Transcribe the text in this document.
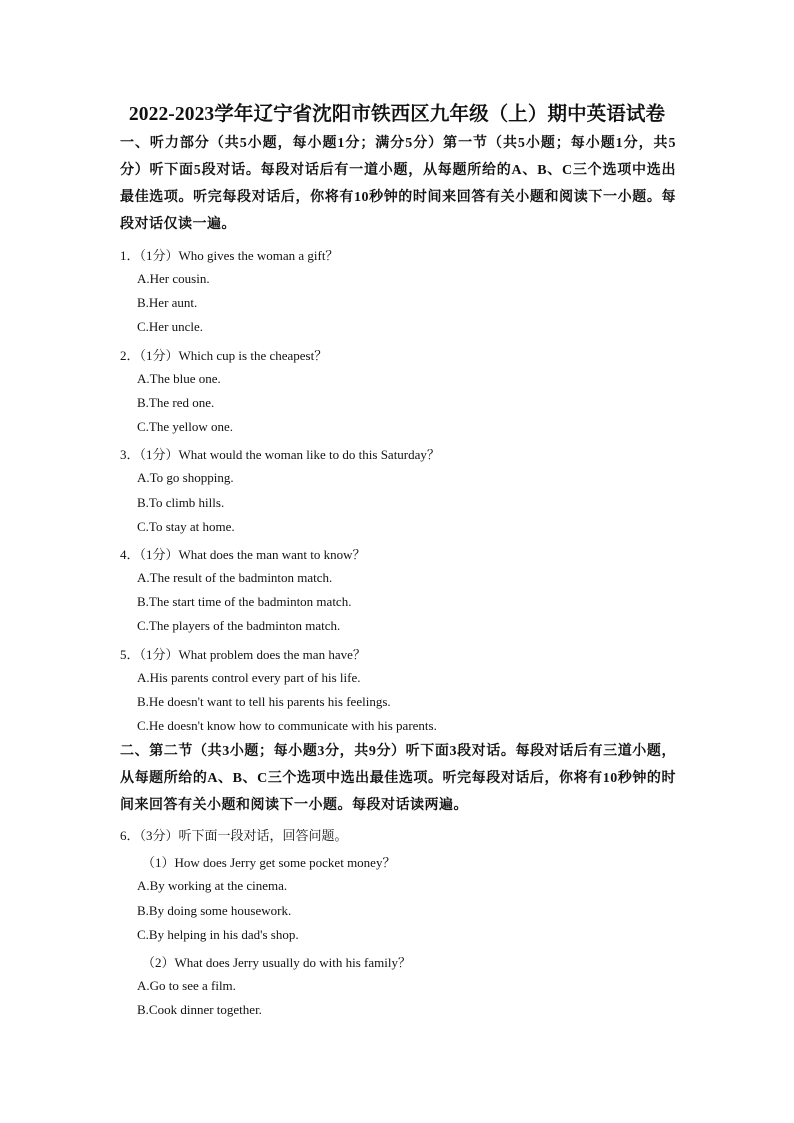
2022-2023学年辽宁省沈阳市铁西区九年级（上）期中英语试卷
一、听力部分（共5小题，每小题1分；满分5分）第一节（共5小题；每小题1分，共5分）听下面5段对话。每段对话后有一道小题，从每题所给的A、B、C三个选项中选出最佳选项。听完每段对话后，你将有10秒钟的时间来回答有关小题和阅读下一小题。每段对话仅读一遍。
1．（1分）Who gives the woman a gift？
A.Her cousin.
B.Her aunt.
C.Her uncle.
2．（1分）Which cup is the cheapest？
A.The blue one.
B.The red one.
C.The yellow one.
3．（1分）What would the woman like to do this Saturday？
A.To go shopping.
B.To climb hills.
C.To stay at home.
4．（1分）What does the man want to know？
A.The result of the badminton match.
B.The start time of the badminton match.
C.The players of the badminton match.
5．（1分）What problem does the man have？
A.His parents control every part of his life.
B.He doesn't want to tell his parents his feelings.
C.He doesn't know how to communicate with his parents.
二、第二节（共3小题；每小题3分，共9分）听下面3段对话。每段对话后有三道小题，从每题所给的A、B、C三个选项中选出最佳选项。听完每段对话后，你将有10秒钟的时间来回答有关小题和阅读下一小题。每段对话读两遍。
6．（3分）听下面一段对话，回答问题。
（1）How does Jerry get some pocket money？
A.By working at the cinema.
B.By doing some housework.
C.By helping in his dad's shop.
（2）What does Jerry usually do with his family？
A.Go to see a film.
B.Cook dinner together.
